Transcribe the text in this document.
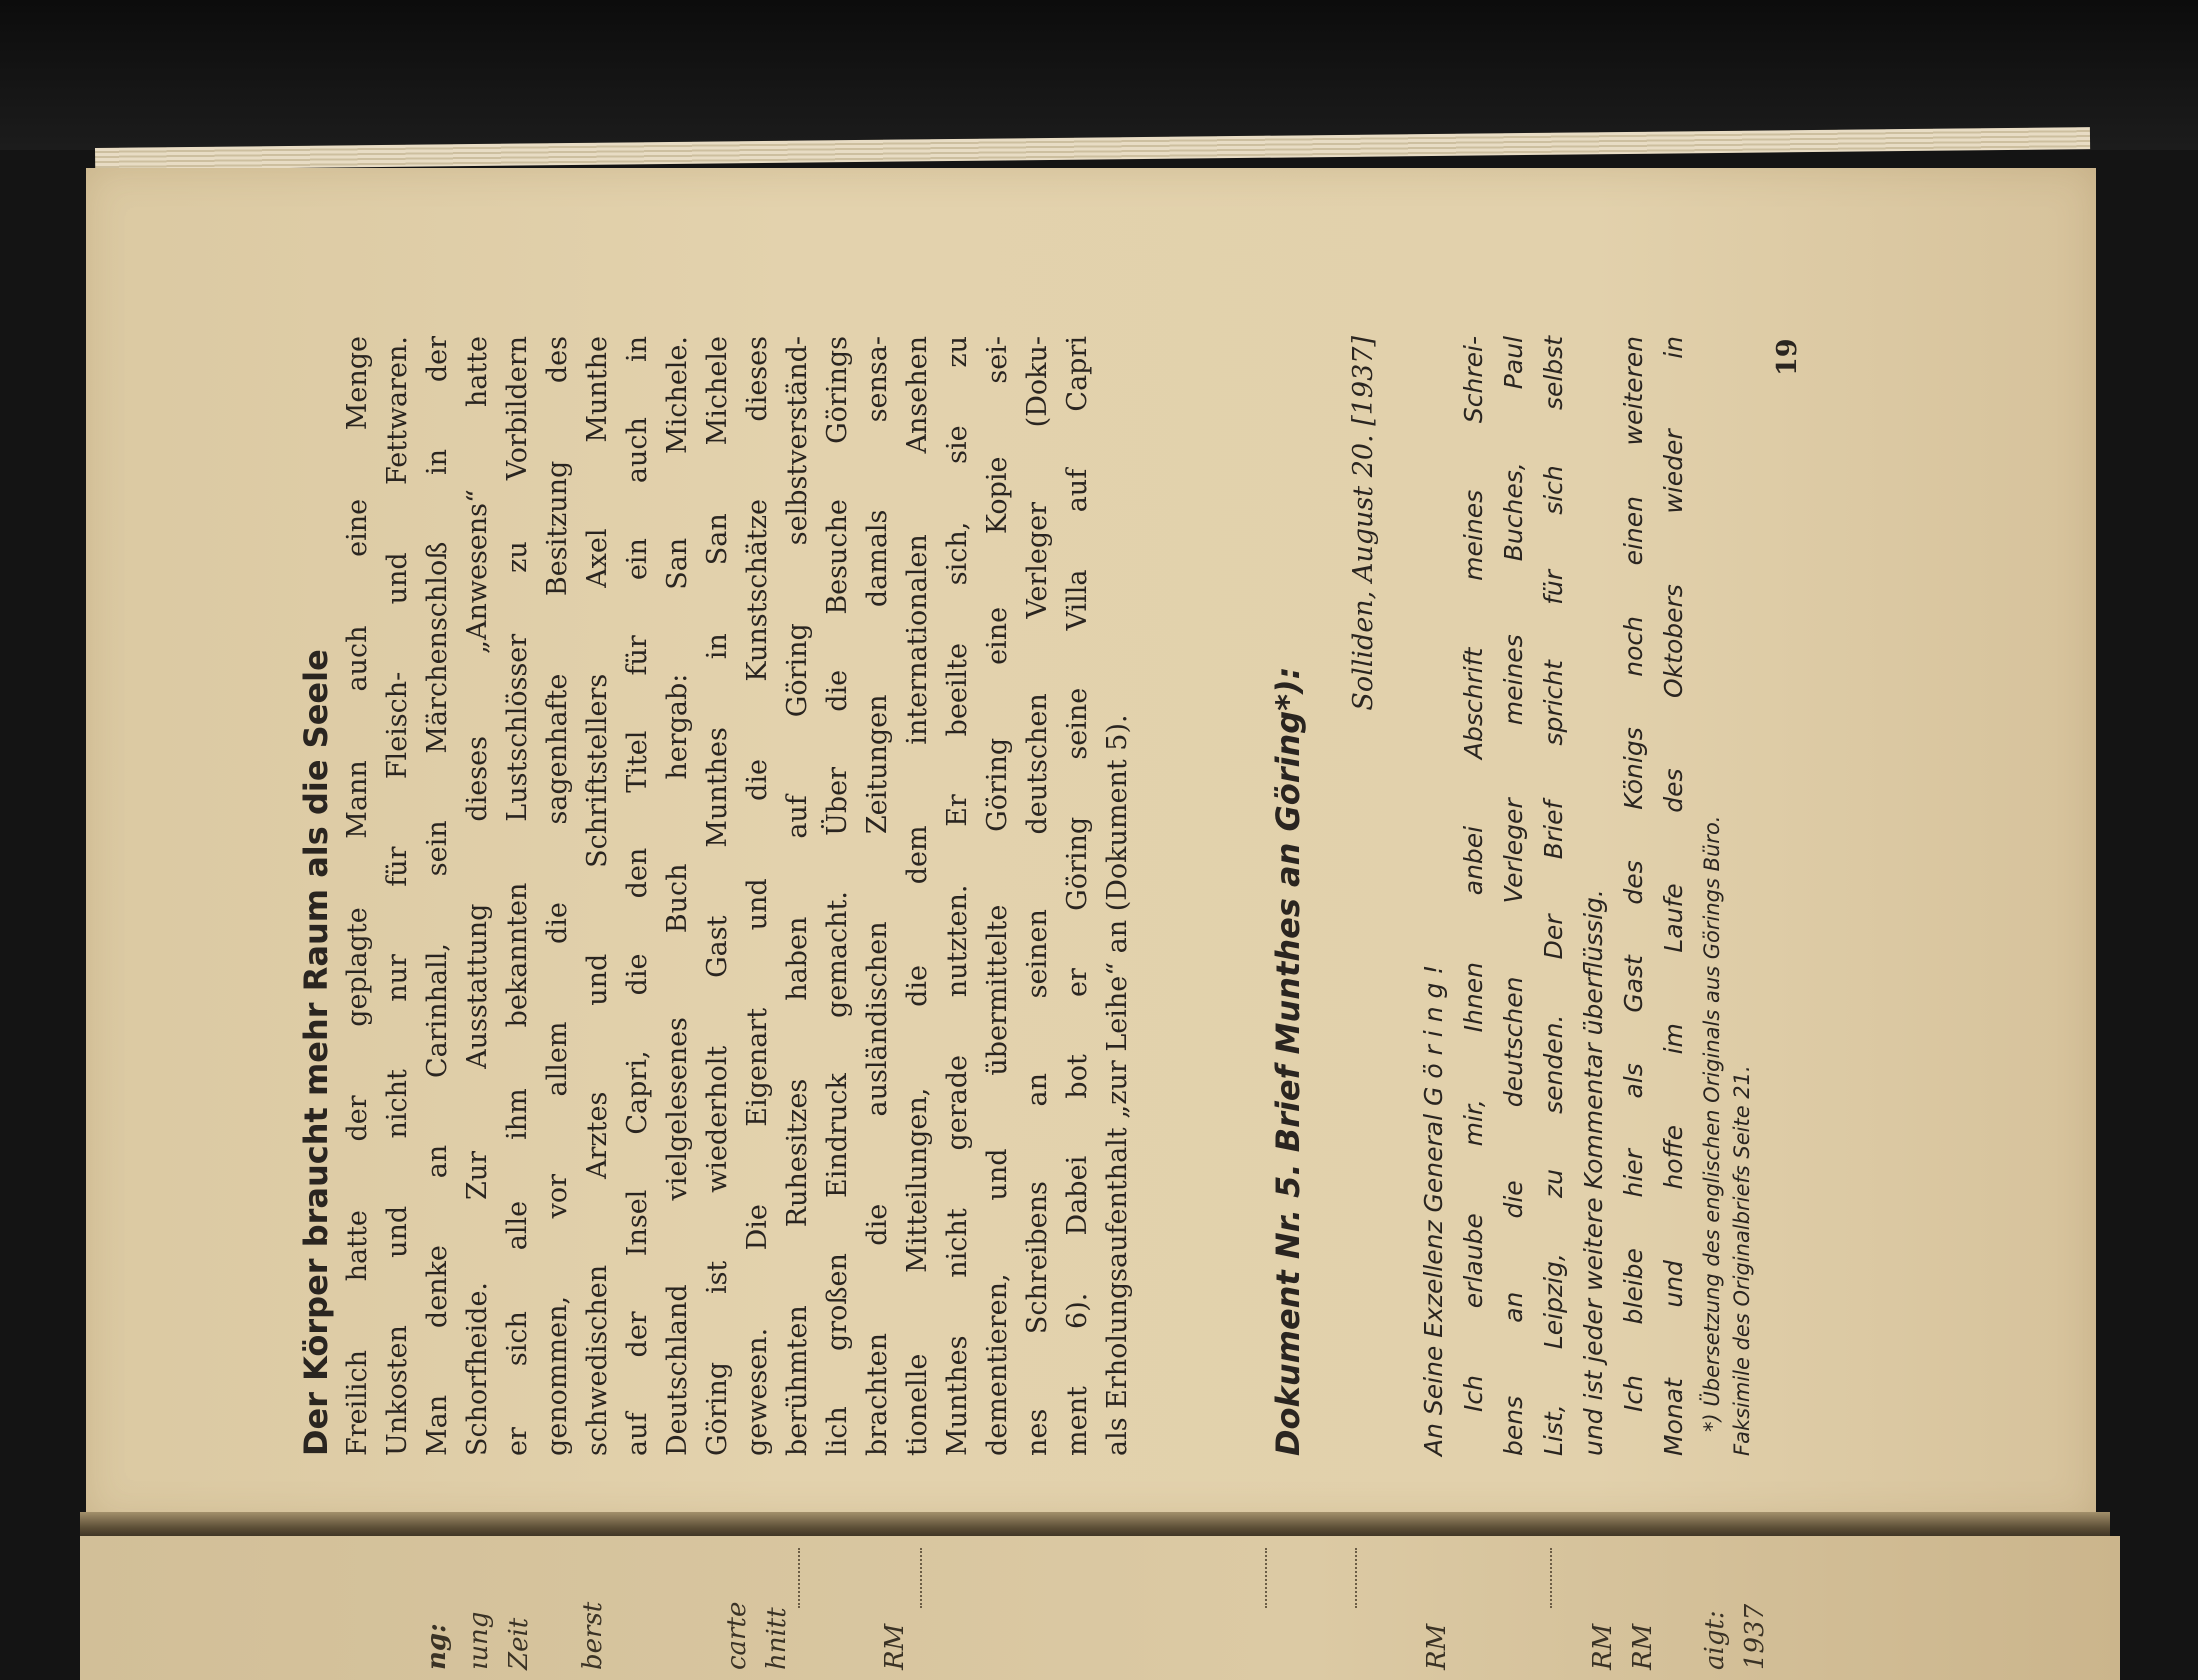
ng: ıung Zeit berst	carte hnitt	RM	RM	RM RM aigt: 1937
Der Körper braucht mehr Raum als die Seele Freilich hatte der geplagte Mann auch eine Menge Unkosten und nicht nur für Fleisch- und Fettwaren. Man denke an Carinhall, sein Märchenschloß in der Schorfheide. Zur Ausstattung dieses „Anwesens“ hatte er sich alle ihm bekannten Lustschlösser zu Vorbildern genommen, vor allem die sagenhafte Besitzung des schwedischen Arztes und Schriftstellers Axel Munthe auf der Insel Capri, die den Titel für ein auch in Deutschland vielgelesenes Buch hergab: San Michele. Göring ist wiederholt Gast Munthes in San Michele gewesen. Die Eigenart und die Kunstschätze dieses berühmten Ruhesitzes haben auf Göring selbstverständ- lich großen Eindruck gemacht. Über die Besuche Görings brachten die ausländischen Zeitungen damals sensa- tionelle Mitteilungen, die dem internationalen Ansehen Munthes nicht gerade nutzten. Er beeilte sich, sie zu dementieren, und übermittelte Göring eine Kopie sei- nes Schreibens an seinen deutschen Verleger (Doku- ment 6). Dabei bot er Göring seine Villa auf Capri als Erholungsaufenthalt „zur Leihe“ an (Dokument 5).	Dokument Nr. 5. Brief Munthes an Göring*):
Solliden, August 20. [1937]
An Seine Exzellenz General G ö r i n g ! Ich erlaube mir, Ihnen anbei Abschrift meines Schrei- bens an die deutschen Verleger meines Buches, Paul List, Leipzig, zu senden. Der Brief spricht für sich selbst und ist jeder weitere Kommentar überflüssig. Ich bleibe hier als Gast des Königs noch einen weiteren Monat und hoffe im Laufe des Oktobers wieder in *) Übersetzung des englischen Originals aus Görings Büro. Faksimile des Originalbriefs Seite 21.
19
